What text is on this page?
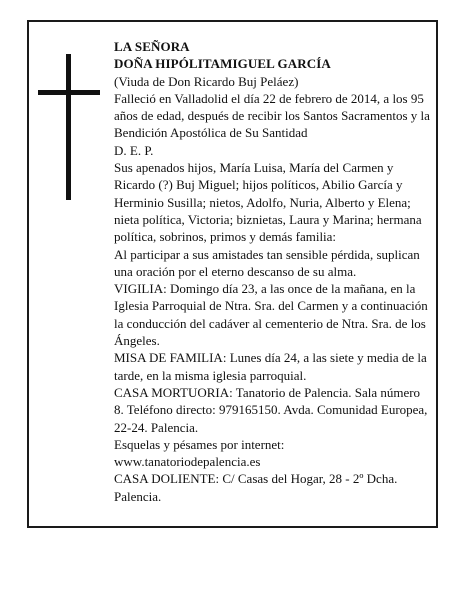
LA SEÑORA

DOÑA HIPÓLITAMIGUEL GARCÍA

(Viuda de Don Ricardo Buj Peláez)

Falleció en Valladolid el día 22 de febrero de 2014, a los 95 años de edad, después de recibir los Santos Sacramentos y la Bendición Apostólica de Su Santidad

D. E. P.

Sus apenados hijos, María Luisa, María del Carmen y Ricardo (?) Buj Miguel; hijos políticos, Abilio García y Herminio Susilla; nietos, Adolfo, Nuria, Alberto y Elena; nieta política, Victoria; biznietas, Laura y Marina; hermana política, sobrinos, primos y demás familia:

Al participar a sus amistades tan sensible pérdida, suplican una oración por el eterno descanso de su alma.

VIGILIA: Domingo día 23, a las once de la mañana, en la Iglesia Parroquial de Ntra. Sra. del Carmen y a continuación la conducción del cadáver al cementerio de Ntra. Sra. de los Ángeles.

MISA DE FAMILIA: Lunes día 24, a las siete y media de la tarde, en la misma iglesia parroquial.

CASA MORTUORIA: Tanatorio de Palencia. Sala número 8. Teléfono directo: 979165150. Avda. Comunidad Europea, 22-24. Palencia.

Esquelas y pésames por internet:

www.tanatoriodepalencia.es

CASA DOLIENTE: C/ Casas del Hogar, 28 - 2º Dcha. Palencia.
